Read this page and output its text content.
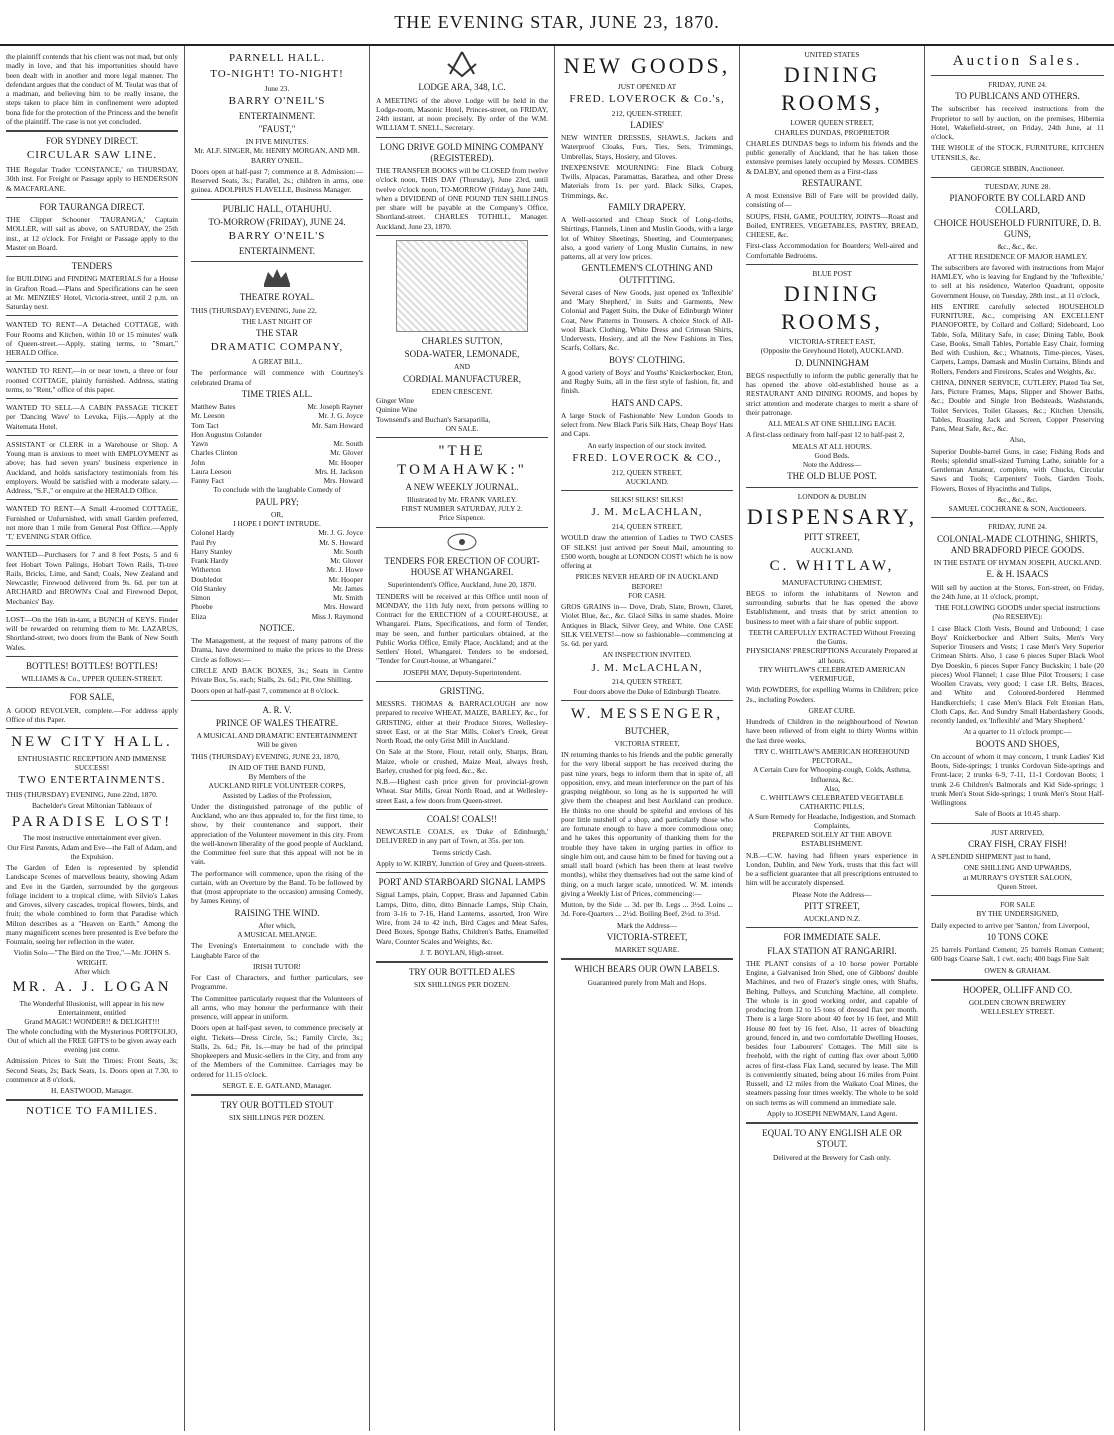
THE EVENING STAR, JUNE 23, 1870.
the plaintiff contends that his client was not mad, but only madly in love, and that his importunities should have been dealt with in another and more legal manner. The defendant argues that the conduct of M. Teulat was that of a madman, and believing him to be really insane, the steps taken to place him in confinement were adopted bona fide for the protection of the Princess and the benefit of the plaintiff. The case is not yet concluded.
FOR SYDNEY DIRECT.
CIRCULAR SAW LINE.
THE Regular Trader 'CONSTANCE,' on THURSDAY, 30th inst. For Freight or Passage apply to HENDERSON & MACFARLANE.
FOR TAURANGA DIRECT.
THE Clipper Schooner 'TAURANGA,' Captain MOLLER, will sail as above, on SATURDAY, the 25th inst., at 12 o'clock. For Freight or Passage apply to the Master on Board.
TENDERS
for BUILDING and FINDING MATERIALS for a House in Grafton Road.—Plans and Specifications can be seen at Mr. MENZIES' Hotel, Victoria-street, until 2 p.m. on Saturday next.
WANTED TO RENT—A Detached COTTAGE, with Four Rooms and Kitchen, within 10 or 15 minutes' walk of Queen-street.—Apply, stating terms, to "Smart," HERALD Office.
WANTED TO RENT,—in or near town, a three or four roomed COTTAGE, plainly furnished. Address, stating terms, to "Rent," office of this paper.
WANTED TO SELL—A CABIN PASSAGE TICKET per 'Dancing Wave' to Levuka, Fijis.—Apply at the Waitemata Hotel.
ASSISTANT or CLERK in a Warehouse or Shop. A Young man is anxious to meet with EMPLOYMENT as above; has had seven years' business experience in Auckland, and holds satisfactory testimonials from his employers. Would be satisfied with a moderate salary.—Address, "S.F.," or enquire at the HERALD Office.
WANTED TO RENT—A Small 4-roomed COTTAGE, Furnished or Unfurnished, with small Garden preferred, not more than 1 mile from General Post Office.—Apply 'T,' EVENING STAR Office.
WANTED—Purchasers for 7 and 8 feet Posts, 5 and 6 feet Hobart Town Palings, Hobart Town Rails, Ti-tree Rails, Bricks, Lime, and Sand; Coals, New Zealand and Newcastle; Firewood delivered from 9s. 6d. per ton at ARCHARD and BROWN's Coal and Firewood Depot, Mechanics' Bay.
LOST—On the 16th in-tant, a BUNCH of KEYS. Finder will be rewarded on returning them to Mr. LAZARUS, Shortland-street, two doors from the Bank of New South Wales.
BOTTLES! BOTTLES! BOTTLES!
WILLIAMS & Co., UPPER QUEEN-STREET.
FOR SALE,
A GOOD REVOLVER, complete.—For address apply Office of this Paper.
NEW CITY HALL.
ENTHUSIASTIC RECEPTION AND IMMENSE SUCCESS!
TWO ENTERTAINMENTS.
THIS (THURSDAY) EVENING, June 22nd, 1870.
Bachelder's Great Miltonian Tableaux of
PARADISE LOST!
The most instructive entertainment ever given.
Our First Parents, Adam and Eve—the Fall of Adam, and the Expulsion.
The Garden of Eden is represented by splendid Landscape Scenes of marvellous beauty, showing Adam and Eve in the Garden, surrounded by the gorgeous foliage incident to a tropical clime, with Silvio's Lakes and Groves, silvery cascades, tropical flowers, birds, and fruit; the whole combined to form that Paradise which Milton describes as a "Heaven on Earth." Among the many magnificent scenes here presented is Eve before the Fountain, seeing her reflection in the water.
Violin Solo—"The Bird on the Tree,"—Mr. JOHN S. WRIGHT.
After which
MR. A. J. LOGAN
The Wonderful Illusionist, will appear in his new Entertainment, entitled
Grand MAGIC! WONDER!! & DELIGHT!!!
The whole concluding with the Mysterious PORTFOLIO, Out of which all the FREE GIFTS to be given away each evening just come.
Admission Prices to Suit the Times: Front Seats, 3s; Second Seats, 2s; Back Seats, 1s. Doors open at 7.30, to commence at 8 o'clock.
H. EASTWOOD, Manager.
NOTICE TO FAMILIES.
PARNELL HALL.
TO-NIGHT! TO-NIGHT!
June 23.
BARRY O'NEIL'S
ENTERTAINMENT.
"FAUST,"
IN FIVE MINUTES.
Mr. ALF. SINGER, Mr. HENRY MORGAN, AND MR. BARRY O'NEIL.
Doors open at half-past 7; commence at 8. Admission:—Reserved Seats, 3s.; Parallel, 2s.; children in arms, one guinea. ADOLPHUS FLAVELLE, Business Manager.
PUBLIC HALL, OTAHUHU.
TO-MORROW (FRIDAY), JUNE 24.
BARRY O'NEIL'S
ENTERTAINMENT.
THEATRE ROYAL.
THIS (THURSDAY) EVENING, June 22,
THE LAST NIGHT OF
THE STAR
DRAMATIC COMPANY,
A GREAT BILL.
The performance will commence with Courtney's celebrated Drama of
TIME TRIES ALL.
Matthew Bates	Mr. Joseph Rayner
Mr. Leeson	Mr. J. G. Joyce
Tom Tact	Mr. Sam Howard
Hon Augustus Colander
Yawn	Mr. South
Charles Clinton	Mr. Glover
John	Mr. Hooper
Laura Leeson	Mrs. H. Jackson
Fanny Fact	Mrs. Howard
To conclude with the laughable Comedy of
PAUL PRY;
OR,
I HOPE I DON'T INTRUDE.
Colonel Hardy	Mr. J. G. Joyce
Paul Pry	Mr. S. Howard
Harry Stanley	Mr. South
Frank Hardy	Mr. Glover
Witherton	Mr. J. Howe
Doubledot	Mr. Hooper
Old Stanley	Mr. James
Simon	Mr. Smith
Phoebe	Mrs. Howard
Eliza	Miss J. Raymond
NOTICE.
The Management, at the request of many patrons of the Drama, have determined to make the prices to the Dress Circle as follows:—
CIRCLE AND BACK BOXES, 3s.; Seats in Centre Private Box, 5s. each; Stalls, 2s. 6d.; Pit, One Shilling.
Doors open at half-past 7, commence at 8 o'clock.
A. R. V.
PRINCE OF WALES THEATRE.
A MUSICAL AND DRAMATIC ENTERTAINMENT
Will be given
THIS (THURSDAY) EVENING, JUNE 23, 1870,
IN AID OF THE BAND FUND,
By Members of the
AUCKLAND RIFLE VOLUNTEER CORPS,
Assisted by Ladies of the Profession,
Under the distinguished patronage of the public of Auckland, who are thus appealed to, for the first time, to show, by their countenance and support, their appreciation of the Volunteer movement in this city. From the well-known liberality of the good people of Auckland, the Committee feel sure that this appeal will not be in vain.
The performance will commence, upon the rising of the curtain, with an Overture by the Band. To be followed by that (most appropriate to the occasion) amusing Comedy, by James Kenny, of
RAISING THE WIND.
After which,
A MUSICAL MELANGE.
The Evening's Entertainment to conclude with the Laughable Farce of the
IRISH TUTOR!
For Cast of Characters, and further particulars, see Programme.
The Committee particularly request that the Volunteers of all arms, who may honour the performance with their presence, will appear in uniform.
Doors open at half-past seven, to commence precisely at eight. Tickets—Dress Circle, 5s.; Family Circle, 3s.; Stalls, 2s. 6d.; Pit, 1s.—may be had of the principal Shopkeepers and Music-sellers in the City, and from any of the Members of the Committee. Carriages may be ordered for 11.15 o'clock.
SERGT. E. E. GATLAND, Manager.
TRY OUR BOTTLED STOUT
SIX SHILLINGS PER DOZEN.
LODGE ARA, 348, I.C.
A MEETING of the above Lodge will be held in the Lodge-room, Masonic Hotel, Princes-street, on FRIDAY, 24th instant, at noon precisely. By order of the W.M. WILLIAM T. SNELL, Secretary.
LONG DRIVE GOLD MINING COMPANY (REGISTERED).
THE TRANSFER BOOKS will be CLOSED from twelve o'clock noon, THIS DAY (Thursday), June 23rd, until twelve o'clock noon, TO-MORROW (Friday), June 24th, when a DIVIDEND of ONE POUND TEN SHILLINGS per share will be payable at the Company's Office, Shortland-street. CHARLES TOTHILL, Manager. Auckland, June 23, 1870.
CHARLES SUTTON,
SODA-WATER, LEMONADE,
AND
CORDIAL MANUFACTURER,
EDEN CRESCENT.
Ginger Wine
Quinine Wine
Townsend's and Buchan's Sarsaparilla,
ON SALE.
"THE TOMAHAWK:"
A NEW WEEKLY JOURNAL.
Illustrated by Mr. FRANK VARLEY.
FIRST NUMBER SATURDAY, JULY 2.
Price Sixpence.
TENDERS FOR ERECTION OF COURT-HOUSE AT WHANGAREI.
Superintendent's Office, Auckland, June 20, 1870.
TENDERS will be received at this Office until noon of MONDAY, the 11th July next, from persons willing to Contract for the ERECTION of a COURT-HOUSE, at Whangarei. Plans, Specifications, and form of Tender, may be seen, and further particulars obtained, at the Public Works Office, Emily Place, Auckland; and at the Settlers' Hotel, Whangarei. Tenders to be endorsed, "Tender for Court-house, at Whangarei."
JOSEPH MAY, Deputy-Superintendent.
GRISTING.
MESSRS. THOMAS & BARRACLOUGH are now prepared to receive WHEAT, MAIZE, BARLEY, &c., for GRISTING, either at their Produce Stores, Wellesley-street East, or at the Star Mills, Coker's Creek, Great North Road, the only Grist Mill in Auckland.
On Sale at the Store, Flour, retail only, Sharps, Bran, Maize, whole or crushed, Maize Meal, always fresh, Barley, crushed for pig feed, &c., &c.
N.B.—Highest cash price given for provincial-grown Wheat. Star Mills, Great North Road, and at Wellesley-street East, a few doors from Queen-street.
COALS! COALS!!
NEWCASTLE COALS, ex 'Duke of Edinburgh,' DELIVERED in any part of Town, at 35s. per ton.
Terms strictly Cash.
Apply to W. KIRBY, Junction of Grey and Queen-streets.
PORT AND STARBOARD SIGNAL LAMPS
Signal Lamps, plain, Copper, Brass and Japanned Cabin Lamps, Ditto, ditto, ditto Binnacle Lamps, Ship Chain, from 3-16 to 7-16, Hand Lanterns, assorted, Iron Wire Wire, from 24 to 42 inch, Bird Cages and Meat Safes, Deed Boxes, Sponge Baths, Children's Baths, Enamelled Ware, Counter Scales and Weights, &c.
J. T. BOYLAN, High-street.
TRY OUR BOTTLED ALES
SIX SHILLINGS PER DOZEN.
NEW GOODS,
JUST OPENED AT
FRED. LOVEROCK & Co.'s,
212, QUEEN-STREET.
LADIES'
NEW WINTER DRESSES, SHAWLS, Jackets and Waterproof Cloaks, Furs, Ties, Sets, Trimmings, Umbrellas, Stays, Hosiery, and Gloves.
INEXPENSIVE MOURNING: Fine Black Coburg Twills, Alpacas, Paramattas, Barathea, and other Dress Materials from 1s. per yard. Black Silks, Crapes, Trimmings, &c.
FAMILY DRAPERY.
A Well-assorted and Cheap Stock of Long-cloths, Shirtings, Flannels, Linen and Muslin Goods, with a large lot of Whitey Sheetings, Sheeting, and Counterpanes; also, a good variety of Long Muslin Curtains, in new patterns, all at very low prices.
GENTLEMEN'S CLOTHING AND OUTFITTING.
Several cases of New Goods, just opened ex 'Inflexible' and 'Mary Shepherd,' in Suits and Garments, New Colonial and Pagett Suits, the Duke of Edinburgh Winter Coat, New Patterns in Trousers. A choice Stock of All-wool Black Clothing, White Dress and Crimean Shirts, Undervests, Hosiery, and all the New Fashions in Ties, Scarfs, Collars, &c.
BOYS' CLOTHING.
A good variety of Boys' and Youths' Knickerbocker, Eton, and Rugby Suits, all in the first style of fashion, fit, and finish.
HATS AND CAPS.
A large Stock of Fashionable New London Goods to select from. New Black Paris Silk Hats, Cheap Boys' Hats and Caps.
An early inspection of our stock invited.
FRED. LOVEROCK & CO.,
212, QUEEN STREET,
AUCKLAND.
SILKS! SILKS! SILKS!
J. M. McLACHLAN,
214, QUEEN STREET,
WOULD draw the attention of Ladies to TWO CASES OF SILKS! just arrived per Sneut Mail, amounting to £500 worth, bought at LONDON COST! which he is now offering at
PRICES NEVER HEARD OF IN AUCKLAND BEFORE!
FOR CASH.
GROS GRAINS in— Dove, Drab, Slate, Brown, Claret, Violet Blue, &c., &c. Glacé Silks in same shades. Moire Antiques in Black, Silver Grey, and White. One CASE SILK VELVETS!—now so fashionable—commencing at 5s. 6d. per yard.
AN INSPECTION INVITED.
J. M. McLACHLAN,
214, QUEEN STREET,
Four doors above the Duke of Edinburgh Theatre.
W. MESSENGER,
BUTCHER,
VICTORIA STREET,
IN returning thanks to his friends and the public generally for the very liberal support he has received during the past nine years, begs to inform them that in spite of, all opposition, envy, and mean interference on the part of his grasping neighbour, so long as he is supported he will give them the cheapest and best Auckland can produce. He thinks no one should be spiteful and envious of his poor little nutshell of a shop, and particularly those who are fortunate enough to have a more commodious one; and he takes this opportunity of thanking them for the trouble they have taken in urging parties in office to single him out, and cause him to be fined for having out a small stall board (which has been there at least twelve months), whilst they themselves had out the same kind of thing, on a much larger scale, unnoticed. W. M. intends giving a Weekly List of Prices, commencing:—
Mutton, by the Side ... 3d. per lb. Legs ... 3½d. Loins ... 3d. Fore-Quarters ... 2½d. Boiling Beef, 2½d. to 3½d.
Mark the Address—
VICTORIA-STREET,
MARKET SQUARE.
WHICH BEARS OUR OWN LABELS.
Guaranteed purely from Malt and Hops.
UNITED STATES
DINING ROOMS,
LOWER QUEEN STREET,
CHARLES DUNDAS, PROPRIETOR
CHARLES DUNDAS begs to inform his friends and the public generally of Auckland, that he has taken those extensive premises lately occupied by Messrs. COMBES & DALBY, and opened them as a First-class
RESTAURANT.
A most Extensive Bill of Fare will be provided daily, consisting of—
SOUPS, FISH, GAME, POULTRY, JOINTS—Roast and Boiled, ENTREES, VEGETABLES, PASTRY, BREAD, CHEESE, &c.
First-class Accommodation for Boarders; Well-aired and Comfortable Bedrooms.
BLUE POST
DINING ROOMS,
VICTORIA-STREET EAST,
(Opposite the Greyhound Hotel), AUCKLAND.
D. DUNNINGHAM
BEGS respectfully to inform the public generally that he has opened the above old-established house as a RESTAURANT AND DINING ROOMS, and hopes by strict attention and moderate charges to merit a share of their patronage.
ALL MEALS AT ONE SHILLING EACH.
A first-class ordinary from half-past 12 to half-past 2,
MEALS AT ALL HOURS.
Good Beds.
Note the Address—
THE OLD BLUE POST.
LONDON & DUBLIN
DISPENSARY,
PITT STREET,
AUCKLAND.
C. WHITLAW,
MANUFACTURING CHEMIST,
BEGS to inform the inhabitants of Newton and surrounding suburbs that he has opened the above Establishment, and trusts that by strict attention to business to meet with a fair share of public support.
TEETH CAREFULLY EXTRACTED Without Freezing the Gums.
PHYSICIANS' PRESCRIPTIONS Accurately Prepared at all hours.
TRY WHITLAW'S CELEBRATED AMERICAN VERMIFUGE,
With POWDERS, for expelling Worms in Children; price 2s., including Powders.
GREAT CURE.
Hundreds of Children in the neighbourhood of Newton have been relieved of from eight to thirty Worms within the last three weeks.
TRY C. WHITLAW'S AMERICAN HOREHOUND PECTORAL,
A Certain Cure for Whooping-cough, Colds, Asthma, Influenza, &c.
Also,
C. WHITLAW'S CELEBRATED VEGETABLE CATHARTIC PILLS,
A Sure Remedy for Headache, Indigestion, and Stomach Complaints,
PREPARED SOLELY AT THE ABOVE ESTABLISHMENT.
N.B.—C.W. having had fifteen years experience in London, Dublin, and New York, trusts that this fact will be a sufficient guarantee that all prescriptions entrusted to him will be accurately dispensed.
Please Note the Address—
PITT STREET,
AUCKLAND N.Z.
FOR IMMEDIATE SALE.
FLAX STATION AT RANGARIRI.
THE PLANT consists of a 10 horse power Portable Engine, a Galvanised Iron Shed, one of Gibbons' double Machines, and two of Frazer's single ones, with Shafts, Belting, Pulleys, and Scutching Machine, all complete. The whole is in good working order, and capable of producing from 12 to 15 tons of dressed flax per month. There is a large Store about 40 feet by 16 feet, and Mill House 80 feet by 16 feet. Also, 11 acres of bleaching ground, fenced in, and two comfortable Dwelling Houses, besides four Labourers' Cottages. The Mill site is freehold, with the right of cutting flax over about 5,000 acres of first-class Flax Land, secured by lease. The Mill is conveniently situated, being about 16 miles from Point Russell, and 12 miles from the Waikato Coal Mines, the steamers passing four times weekly. The whole to be sold on such terms as will commend an immediate sale.
Apply to JOSEPH NEWMAN, Land Agent.
EQUAL TO ANY ENGLISH ALE OR STOUT.
Delivered at the Brewery for Cash only.
Auction Sales.
FRIDAY, JUNE 24.
TO PUBLICANS AND OTHERS.
The subscriber has received instructions from the Proprietor to sell by auction, on the premises, Hibernia Hotel, Wakefield-street, on Friday, 24th June, at 11 o'clock,
THE WHOLE of the STOCK, FURNITURE, KITCHEN UTENSILS, &c.
GEORGE SIBBIN, Auctioneer.
TUESDAY, JUNE 28.
PIANOFORTE BY COLLARD AND COLLARD,
CHOICE HOUSEHOLD FURNITURE, D. B. GUNS,
&c., &c., &c.
AT THE RESIDENCE OF MAJOR HAMLEY.
The subscribers are favored with instructions from Major HAMLEY, who is leaving for England by the 'Inflexible,' to sell at his residence, Waterloo Quadrant, opposite Government House, on Tuesday, 28th inst., at 11 o'clock,
HIS ENTIRE carefully selected HOUSEHOLD FURNITURE, &c., comprising AN EXCELLENT PIANOFORTE, by Collard and Collard; Sideboard, Loo Table, Sofa, Military Safe, in case; Dining Table, Book Case, Books, Small Tables, Portable Easy Chair, forming Bed with Cushion, &c.; Whatnots, Time-pieces, Vases, Carpets, Lamps, Damask and Muslin Curtains, Blinds and Rollers, Fenders and Fireirons, Scales and Weights, &c.
CHINA, DINNER SERVICE, CUTLERY, Plated Tea Set, Jars, Picture Frames, Maps, Slipper and Shower Baths, &c.; Double and Single Iron Bedsteads, Washstands, Toilet Services, Toilet Glasses, &c.; Kitchen Utensils, Tables, Roasting Jack and Screen, Copper Preserving Pans, Meat Safe, &c., &c.
Also,
Superior Double-barrel Guns, in case; Fishing Rods and Reels; splendid small-sized Turning Lathe, suitable for a Gentleman Amateur, complete, with Chucks, Circular Saws and Tools; Carpenters' Tools, Garden Tools, Flowers, Boxes of Hyacinths and Tulips,
&c., &c., &c.
SAMUEL COCHRANE & SON, Auctioneers.
FRIDAY, JUNE 24.
COLONIAL-MADE CLOTHING, SHIRTS, AND BRADFORD PIECE GOODS.
IN THE ESTATE OF HYMAN JOSEPH, AUCKLAND.
E. & H. ISAACS
Will sell by auction at the Stores, Fort-street, on Friday, the 24th June, at 11 o'clock, prompt,
THE FOLLOWING GOODS under special instructions (No RESERVE):
1 case Black Cloth Vests, Bound and Unbound; 1 case Boys' Knickerbocker and Albert Suits, Men's Very Superior Trousers and Vests; 1 case Men's Very Superior Crimean Shirts. Also, 1 case 6 pieces Super Black Wool Dye Doeskin, 6 pieces Super Fancy Buckskin; 1 bale (20 pieces) Wool Flannel; 1 case Blue Pilot Trousers; 1 case Woollen Cravats, very good; 1 case I.R. Belts, Braces, and White and Coloured-bordered Hemmed Handkerchiefs; 1 case Men's Black Felt Etonian Hats, Cloth Caps, &c. And Sundry Small Haberdashery Goods, recently landed, ex 'Inflexible' and 'Mary Shepherd.'
At a quarter to 11 o'clock prompt:—
BOOTS AND SHOES,
On account of whom it may concern, 1 trunk Ladies' Kid Boots, Side-springs; 1 trunks Cordovan Side-springs and Front-lace; 2 trunks 6-9, 7-11, 11-1 Cordovan Boots; 1 trunk 2-6 Children's Balmorals and Kid Side-springs; 1 trunk Men's Stout Side-springs; 1 trunk Men's Stout Half-Wellingtons
Sale of Boots at 10.45 sharp.
JUST ARRIVED,
CRAY FISH, CRAY FISH!
A SPLENDID SHIPMENT just to hand,
ONE SHILLING AND UPWARDS,
at MURRAY'S OYSTER SALOON,
Queen Street.
FOR SALE
BY THE UNDERSIGNED,
Daily expected to arrive per 'Santon,' from Liverpool,
10 TONS COKE
25 barrels Portland Cement; 25 barrels Roman Cement; 600 bags Coarse Salt, 1 cwt. each; 400 bags Fine Salt
OWEN & GRAHAM.
HOOPER, OLLIFF AND CO.
GOLDEN CROWN BREWERY
WELLESLEY STREET.
